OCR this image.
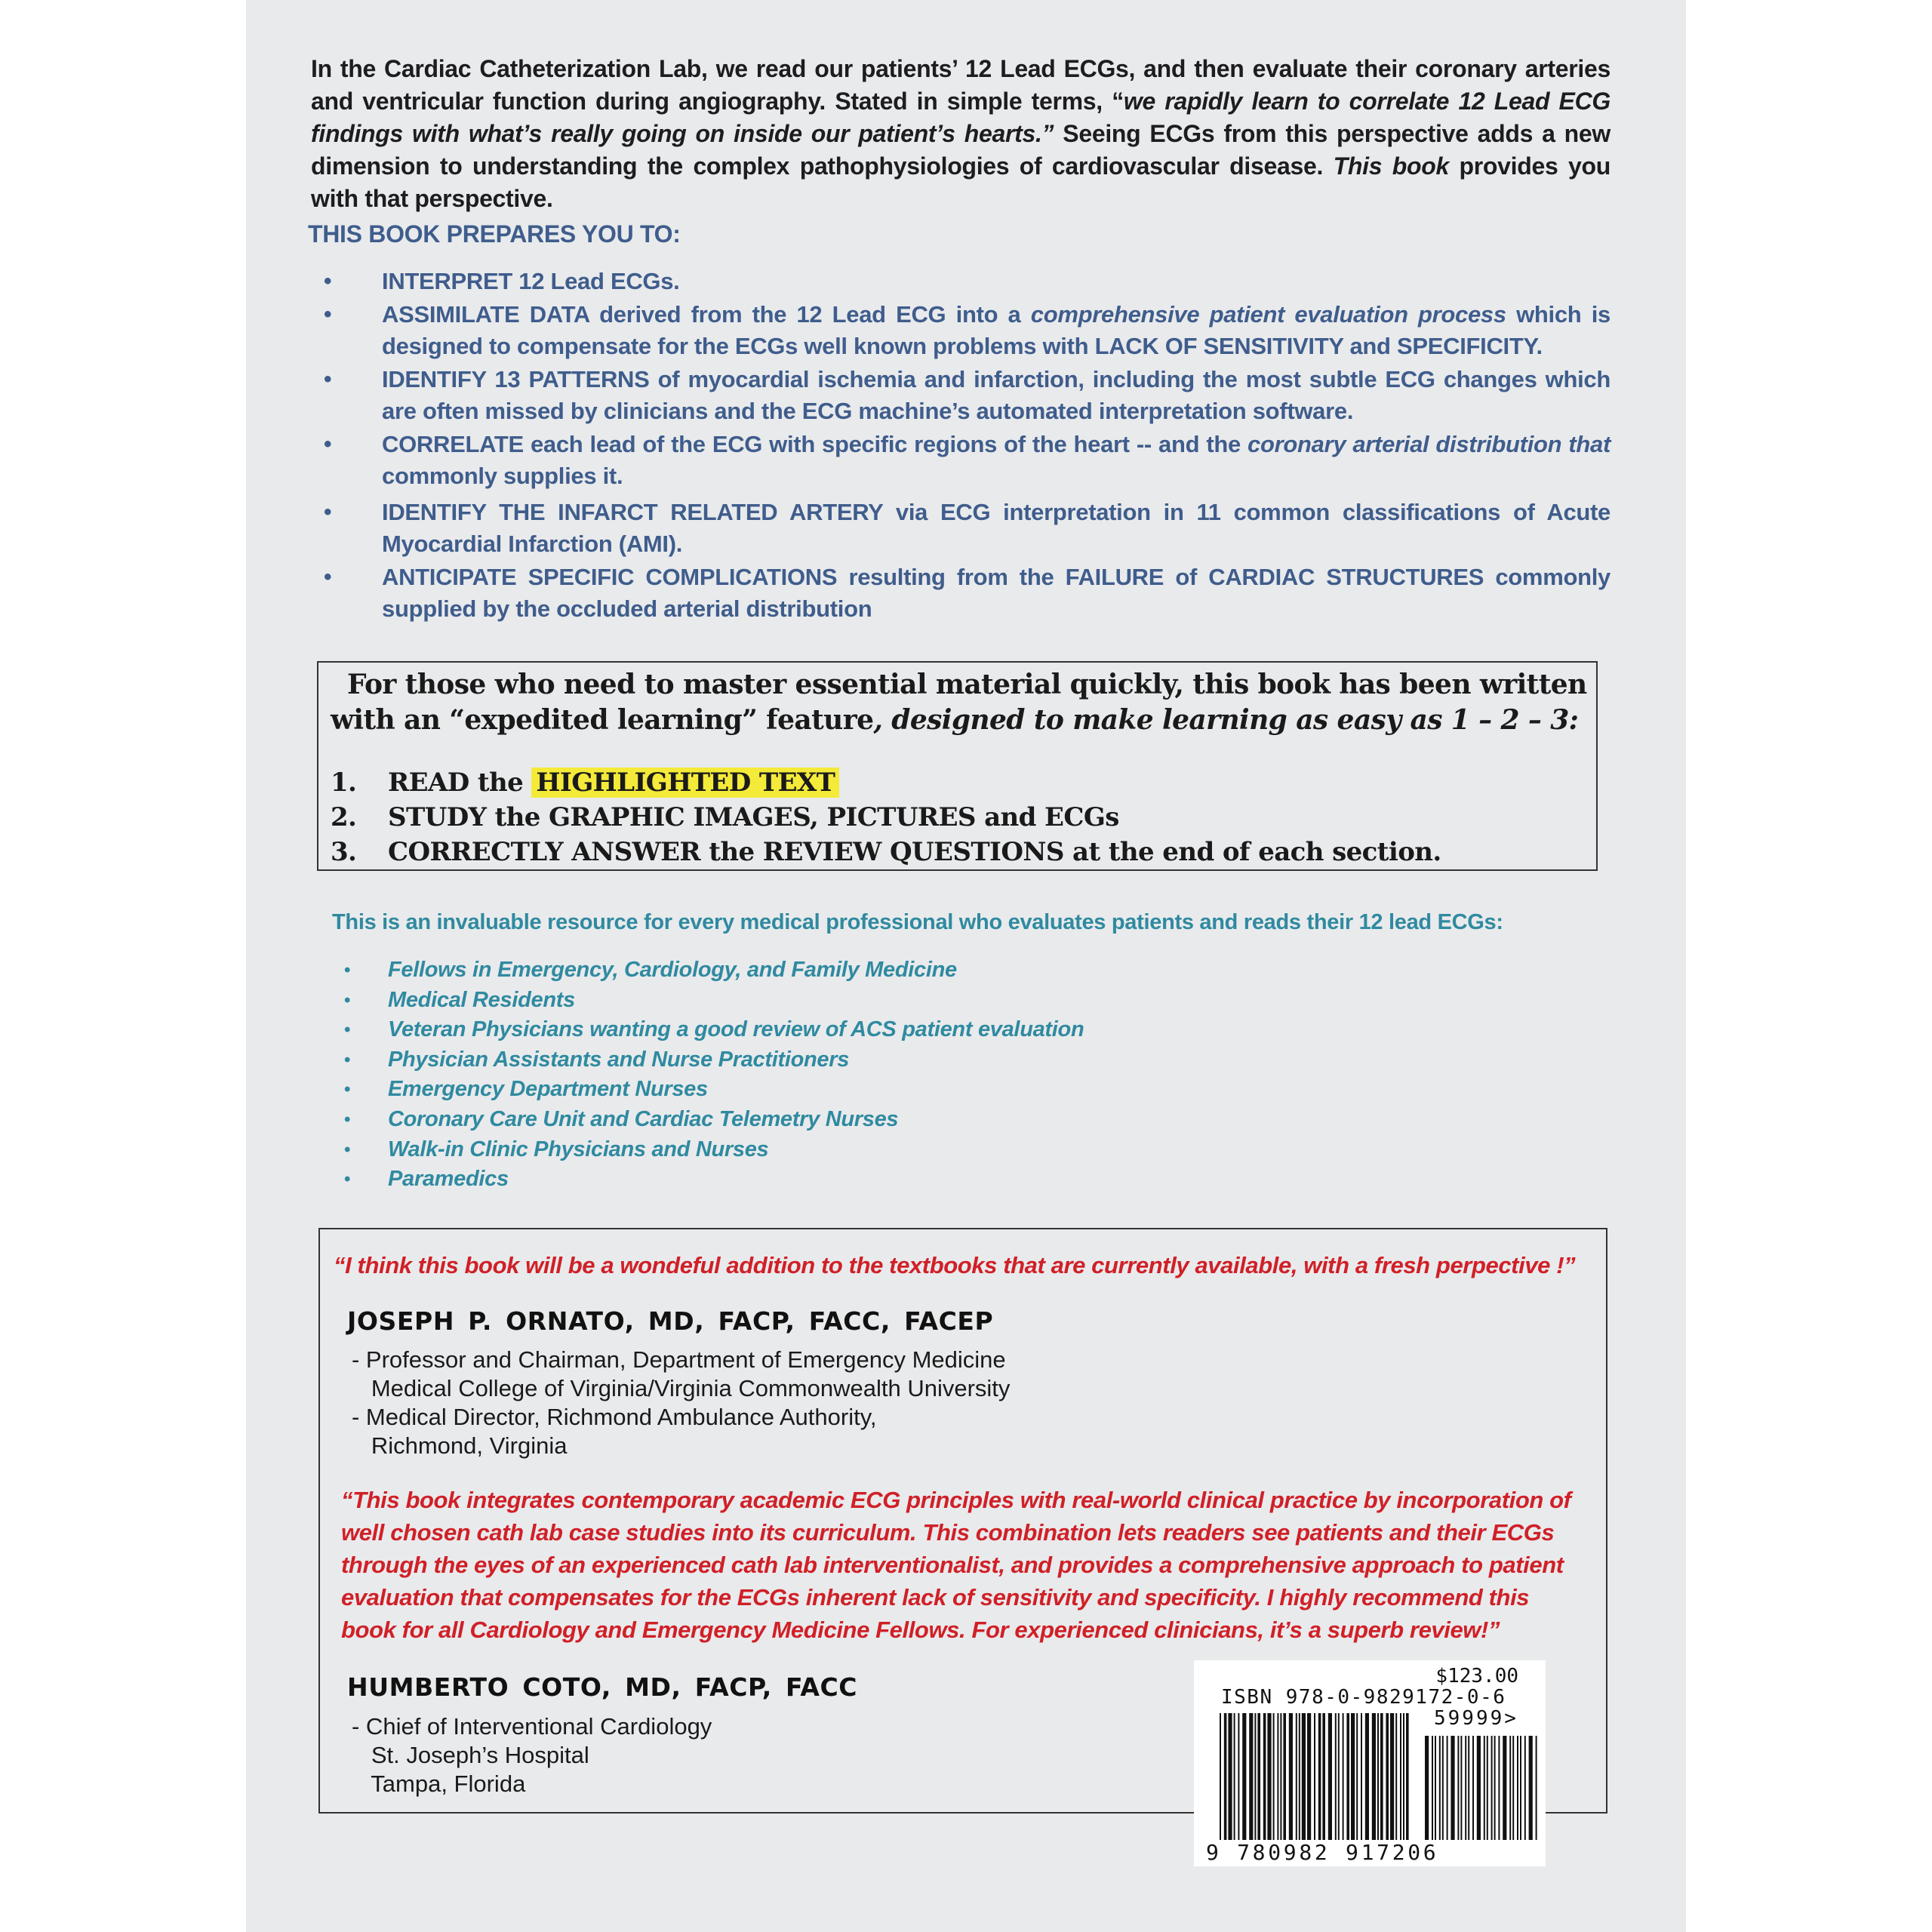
In the Cardiac Catheterization Lab, we read our patients’ 12 Lead ECGs, and then evaluate their coronary arteries and ventricular function during angiography. Stated in simple terms, “we rapidly learn to correlate 12 Lead ECG findings with what’s really going on inside our patient’s hearts.” Seeing ECGs from this perspective adds a new dimension to understanding the complex pathophysiologies of cardiovascular disease. This book provides you with that perspective.

THIS BOOK PREPARES YOU TO:
• INTERPRET 12 Lead ECGs.
• ASSIMILATE DATA derived from the 12 Lead ECG into a comprehensive patient evaluation process which is designed to compensate for the ECGs well known problems with LACK OF SENSITIVITY and SPECIFICITY.
• IDENTIFY 13 PATTERNS of myocardial ischemia and infarction, including the most subtle ECG changes which are often missed by clinicians and the ECG machine’s automated interpretation software.
• CORRELATE each lead of the ECG with specific regions of the heart -- and the coronary arterial distribution that commonly supplies it.
• IDENTIFY THE INFARCT RELATED ARTERY via ECG interpretation in 11 common classifications of Acute Myocardial Infarction (AMI).
• ANTICIPATE SPECIFIC COMPLICATIONS resulting from the FAILURE of CARDIAC STRUCTURES commonly supplied by the occluded arterial distribution
For those who need to master essential material quickly, this book has been written with an “expedited learning” feature, designed to make learning as easy as 1 – 2 – 3:
1. READ the HIGHLIGHTED TEXT
2. STUDY the GRAPHIC IMAGES, PICTURES and ECGs
3. CORRECTLY ANSWER the REVIEW QUESTIONS at the end of each section.
This is an invaluable resource for every medical professional who evaluates patients and reads their 12 lead ECGs:
• Fellows in Emergency, Cardiology, and Family Medicine
• Medical Residents
• Veteran Physicians wanting a good review of ACS patient evaluation
• Physician Assistants and Nurse Practitioners
• Emergency Department Nurses
• Coronary Care Unit and Cardiac Telemetry Nurses
• Walk-in Clinic Physicians and Nurses
• Paramedics
“I think this book will be a wondeful addition to the textbooks that are currently available, with a fresh perpective !”
JOSEPH P. ORNATO, MD, FACP, FACC, FACEP
- Professor and Chairman, Department of Emergency Medicine
Medical College of Virginia/Virginia Commonwealth University
- Medical Director, Richmond Ambulance Authority,
Richmond, Virginia
“This book integrates contemporary academic ECG principles with real-world clinical practice by incorporation of well chosen cath lab case studies into its curriculum. This combination lets readers see patients and their ECGs through the eyes of an experienced cath lab interventionalist, and provides a comprehensive approach to patient evaluation that compensates for the ECGs inherent lack of sensitivity and specificity. I highly recommend this book for all Cardiology and Emergency Medicine Fellows. For experienced clinicians, it’s a superb review!”
HUMBERTO COTO, MD, FACP, FACC
- Chief of Interventional Cardiology
St. Joseph’s Hospital
Tampa, Florida
$123.00
ISBN 978-0-9829172-0-6
59999>
9 780982 917206
